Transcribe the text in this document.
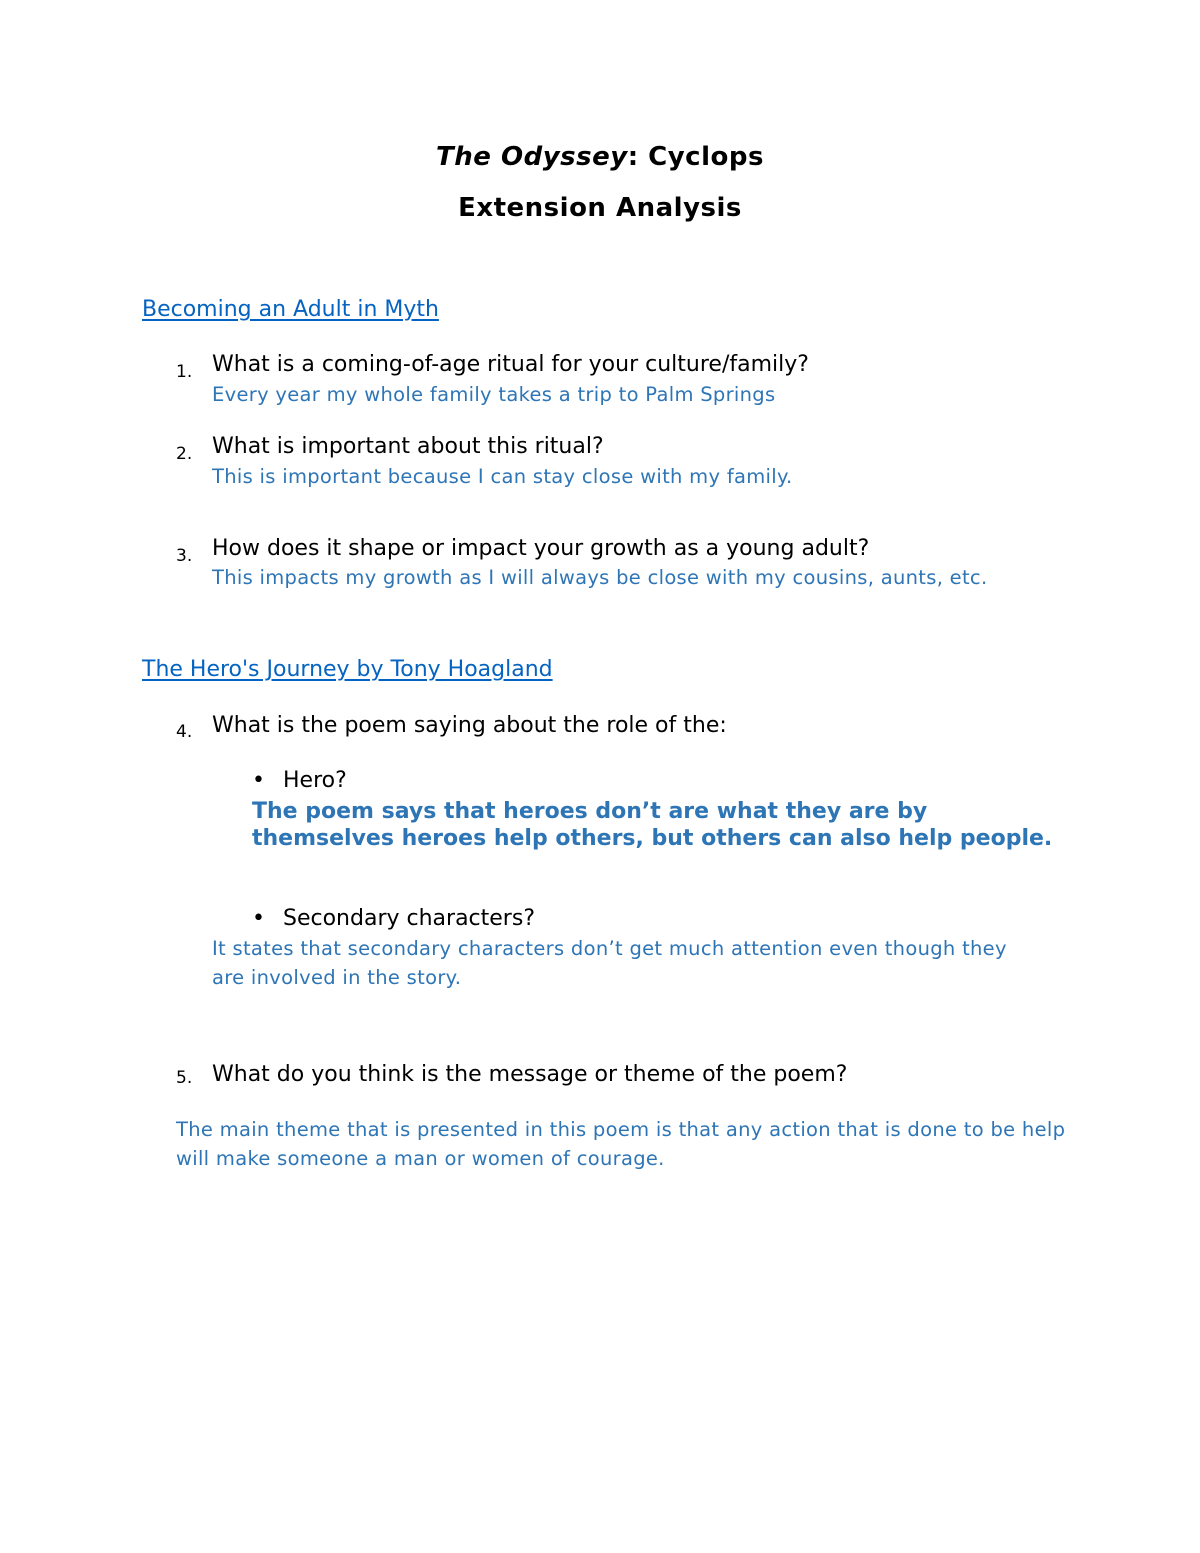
The Odyssey: Cyclops
Extension Analysis
Becoming an Adult in Myth
1. What is a coming-of-age ritual for your culture/family?
Every year my whole family takes a trip to Palm Springs
2. What is important about this ritual?
This is important because I can stay close with my family.
3. How does it shape or impact your growth as a young adult?
This impacts my growth as I will always be close with my cousins, aunts, etc.
The Hero's Journey by Tony Hoagland
4. What is the poem saying about the role of the:
• Hero?
The poem says that heroes don’t are what they are by themselves heroes help others, but others can also help people.
• Secondary characters?
It states that secondary characters don’t get much attention even though they are involved in the story.
5. What do you think is the message or theme of the poem?
The main theme that is presented in this poem is that any action that is done to be help will make someone a man or women of courage.
